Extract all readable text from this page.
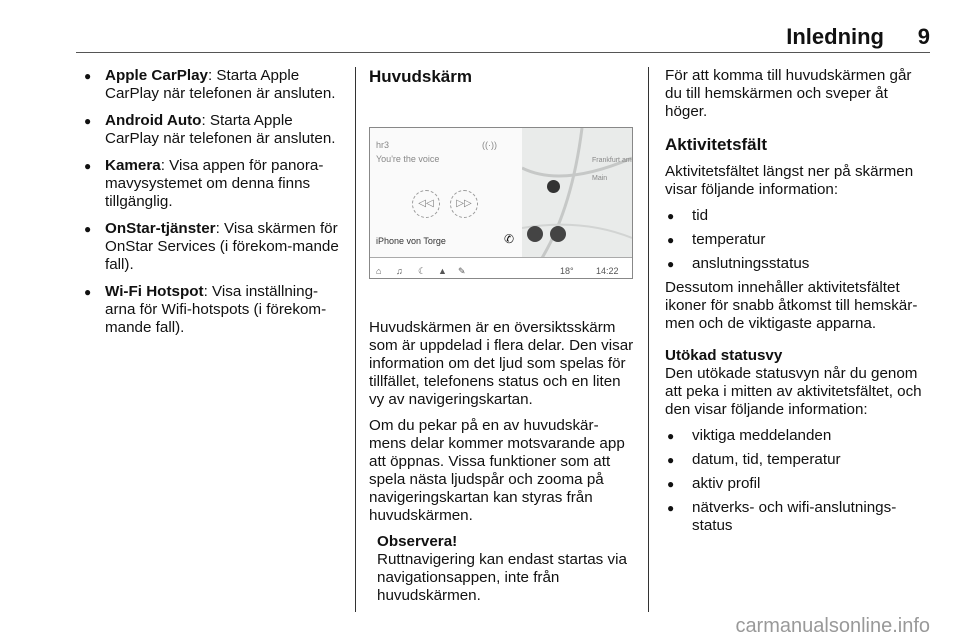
Inledning 9
● Apple CarPlay: Starta Apple CarPlay när telefonen är ansluten.
● Android Auto: Starta Apple CarPlay när telefonen är ansluten.
● Kamera: Visa appen för panora-mavysystemet om denna finns tillgänglig.
● OnStar-tjänster: Visa skärmen för OnStar Services (i förekom-mande fall).
● Wi-Fi Hotspot: Visa inställning-arna för Wifi-hotspots (i förekom-mande fall).
Huvudskärm
hr3
You're the voice
((·))
◁◁	▷▷
iPhone von Torge	✆
Frankfurt am Main
⌂ ♫ ☾ ▲ ✎	18° 14:22

Huvudskärmen är en översiktsskärm som är uppdelad i flera delar. Den visar information om det ljud som spelas för tillfället, telefonens status och en liten vy av navigeringskartan.

Om du pekar på en av huvudskär-mens delar kommer motsvarande app att öppnas. Vissa funktioner som att spela nästa ljudspår och zooma på navigeringskartan kan styras från huvudskärmen.

Observera!

Ruttnavigering kan endast startas via navigationsappen, inte från huvudskärmen.

För att komma till huvudskärmen går du till hemskärmen och sveper åt höger.

Aktivitetsfält

Aktivitetsfältet längst ner på skärmen visar följande information:

● tid
● temperatur
● anslutningsstatus

Dessutom innehåller aktivitetsfältet ikoner för snabb åtkomst till hemskär-men och de viktigaste apparna.

Utökad statusvy

Den utökade statusvyn når du genom att peka i mitten av aktivitetsfältet, och den visar följande information:

● viktiga meddelanden
● datum, tid, temperatur
● aktiv profil
● nätverks- och wifi-anslutnings-status
carmanualsonline.info
